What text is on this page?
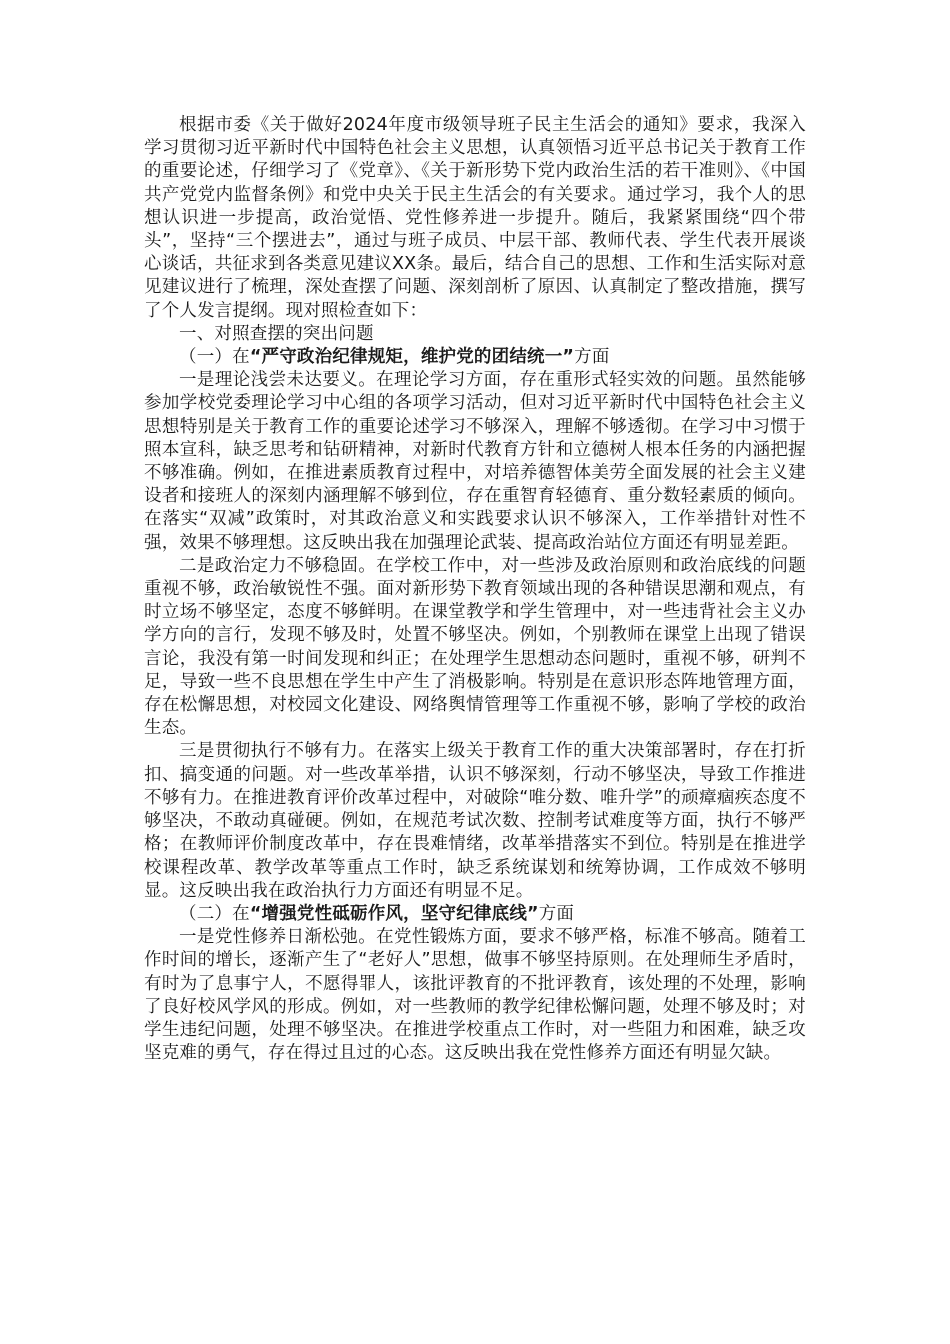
根据市委《关于做好2024年度市级领导班子民主生活会的通知》要求，我深入学习贯彻习近平新时代中国特色社会主义思想，认真领悟习近平总书记关于教育工作的重要论述，仔细学习了《党章》、《关于新形势下党内政治生活的若干准则》、《中国共产党党内监督条例》和党中央关于民主生活会的有关要求。通过学习，我个人的思想认识进一步提高，政治觉悟、党性修养进一步提升。随后，我紧紧围绕“四个带头”，坚持“三个摆进去”，通过与班子成员、中层干部、教师代表、学生代表开展谈心谈话，共征求到各类意见建议XX条。最后，结合自己的思想、工作和生活实际对意见建议进行了梳理，深处查摆了问题、深刻剖析了原因、认真制定了整改措施，撰写了个人发言提纲。现对照检查如下：

一、对照查摆的突出问题

（一）在“严守政治纪律规矩，维护党的团结统一”方面

一是理论浅尝未达要义。在理论学习方面，存在重形式轻实效的问题。虽然能够参加学校党委理论学习中心组的各项学习活动，但对习近平新时代中国特色社会主义思想特别是关于教育工作的重要论述学习不够深入，理解不够透彻。在学习中习惯于照本宣科，缺乏思考和钻研精神，对新时代教育方针和立德树人根本任务的内涵把握不够准确。例如，在推进素质教育过程中，对培养德智体美劳全面发展的社会主义建设者和接班人的深刻内涵理解不够到位，存在重智育轻德育、重分数轻素质的倾向。在落实“双减”政策时，对其政治意义和实践要求认识不够深入，工作举措针对性不强，效果不够理想。这反映出我在加强理论武装、提高政治站位方面还有明显差距。

二是政治定力不够稳固。在学校工作中，对一些涉及政治原则和政治底线的问题重视不够，政治敏锐性不强。面对新形势下教育领域出现的各种错误思潮和观点，有时立场不够坚定，态度不够鲜明。在课堂教学和学生管理中，对一些违背社会主义办学方向的言行，发现不够及时，处置不够坚决。例如，个别教师在课堂上出现了错误言论，我没有第一时间发现和纠正；在处理学生思想动态问题时，重视不够，研判不足，导致一些不良思想在学生中产生了消极影响。特别是在意识形态阵地管理方面，存在松懈思想，对校园文化建设、网络舆情管理等工作重视不够，影响了学校的政治生态。

三是贯彻执行不够有力。在落实上级关于教育工作的重大决策部署时，存在打折扣、搞变通的问题。对一些改革举措，认识不够深刻，行动不够坚决，导致工作推进不够有力。在推进教育评价改革过程中，对破除“唯分数、唯升学”的顽瘴痼疾态度不够坚决，不敢动真碰硬。例如，在规范考试次数、控制考试难度等方面，执行不够严格；在教师评价制度改革中，存在畏难情绪，改革举措落实不到位。特别是在推进学校课程改革、教学改革等重点工作时，缺乏系统谋划和统筹协调，工作成效不够明显。这反映出我在政治执行力方面还有明显不足。

（二）在“增强党性砥砺作风，坚守纪律底线”方面

一是党性修养日渐松弛。在党性锻炼方面，要求不够严格，标准不够高。随着工作时间的增长，逐渐产生了“老好人”思想，做事不够坚持原则。在处理师生矛盾时，有时为了息事宁人，不愿得罪人，该批评教育的不批评教育，该处理的不处理，影响了良好校风学风的形成。例如，对一些教师的教学纪律松懈问题，处理不够及时；对学生违纪问题，处理不够坚决。在推进学校重点工作时，对一些阻力和困难，缺乏攻坚克难的勇气，存在得过且过的心态。这反映出我在党性修养方面还有明显欠缺。
